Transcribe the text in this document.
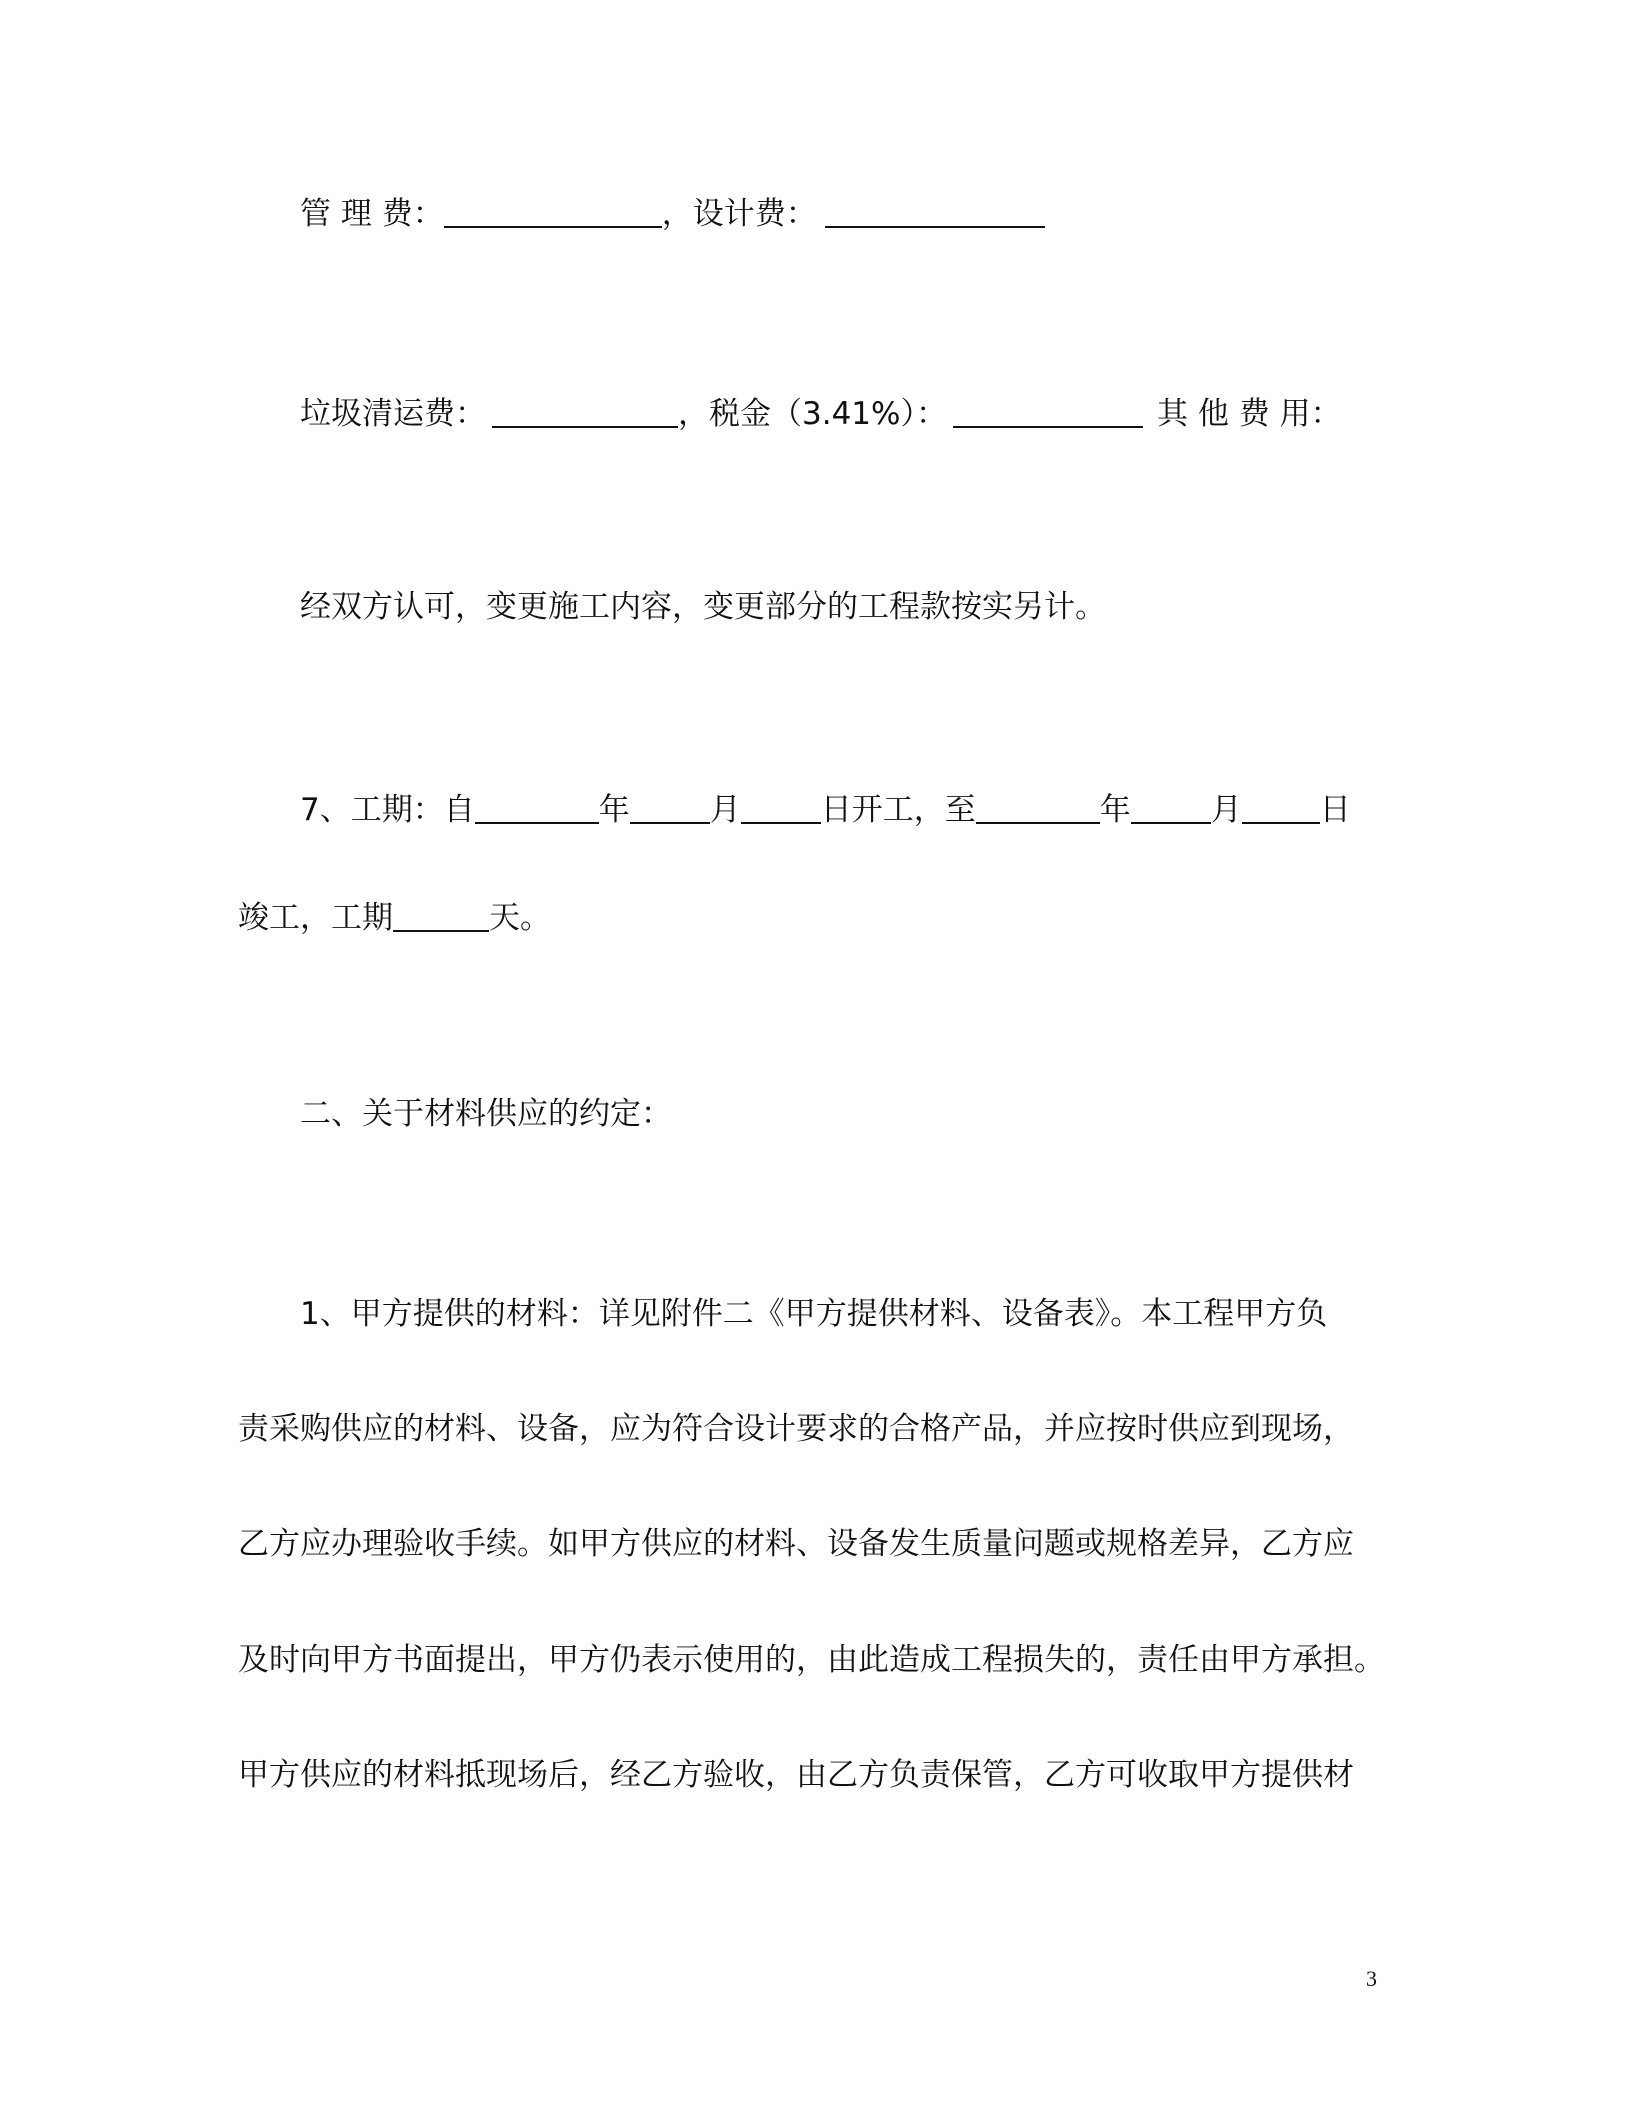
管 理 费：	，设计费：
垃圾清运费：	，税金（3.41%）：	其 他 费 用：
经双方认可，变更施工内容，变更部分的工程款按实另计。
7、工期：自	年	月	日开工，至	年	月	日
竣工，工期	天。
二、关于材料供应的约定：
1、甲方提供的材料：详见附件二《甲方提供材料、设备表》。本工程甲方负
责采购供应的材料、设备，应为符合设计要求的合格产品，并应按时供应到现场，
乙方应办理验收手续。如甲方供应的材料、设备发生质量问题或规格差异，乙方应
及时向甲方书面提出，甲方仍表示使用的，由此造成工程损失的，责任由甲方承担。
甲方供应的材料抵现场后，经乙方验收，由乙方负责保管，乙方可收取甲方提供材
3
